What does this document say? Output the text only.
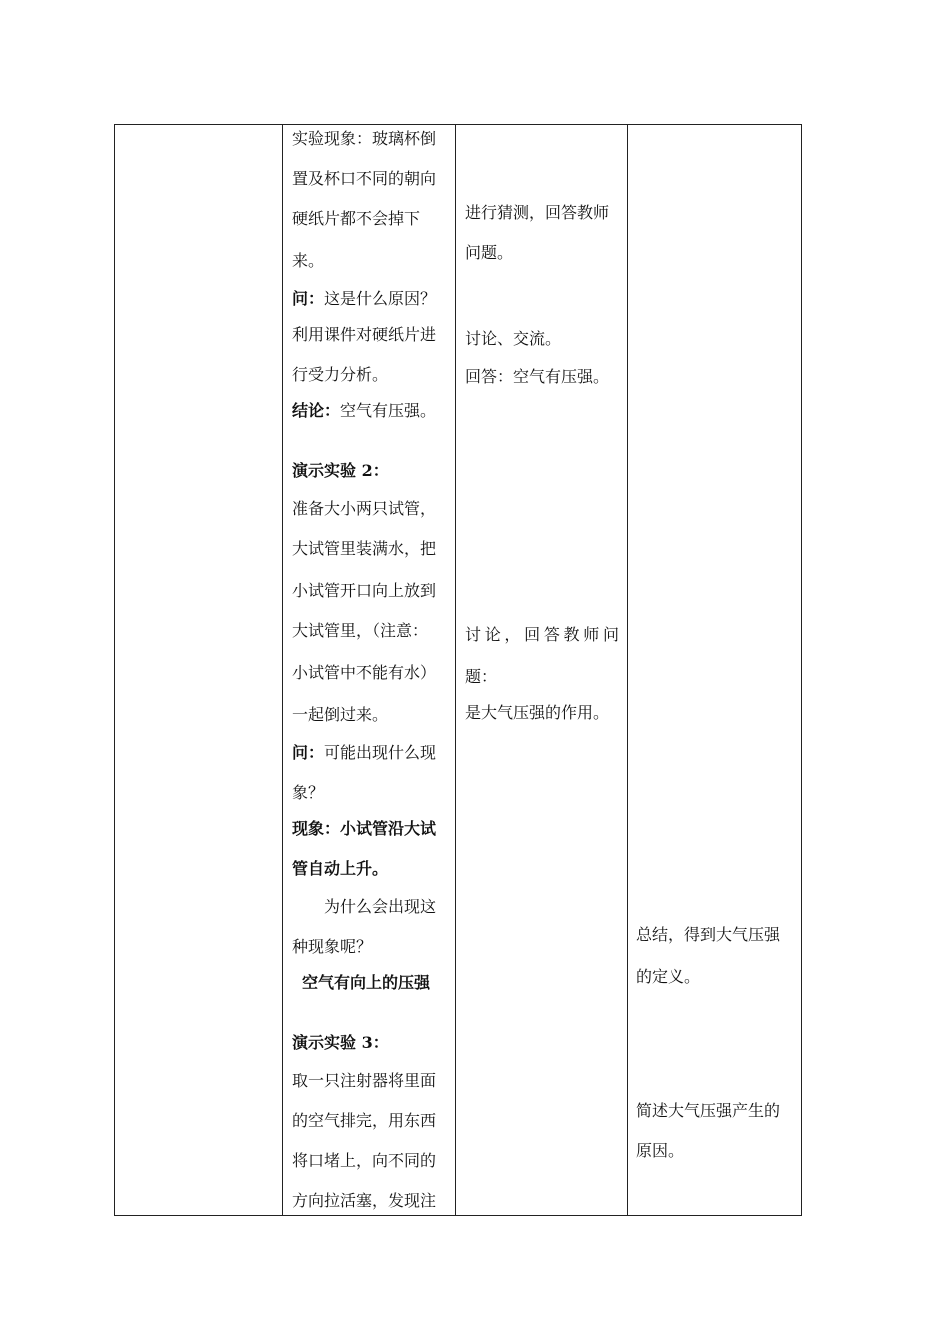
实验现象：玻璃杯倒
置及杯口不同的朝向
硬纸片都不会掉下
来。
问：这是什么原因？
利用课件对硬纸片进
行受力分析。
结论：空气有压强。
演示实验 2：
准备大小两只试管，
大试管里装满水，把
小试管开口向上放到
大试管里，（注意：
小试管中不能有水）
一起倒过来。
问：可能出现什么现
象？
现象：小试管沿大试
管自动上升。
为什么会出现这
种现象呢？
空气有向上的压强
演示实验 3：
取一只注射器将里面
的空气排完，用东西
将口堵上，向不同的
方向拉活塞，发现注
进行猜测，回答教师
问题。
讨论、交流。
回答：空气有压强。
讨论，回答教师问
题：
是大气压强的作用。
总结，得到大气压强
的定义。
简述大气压强产生的
原因。
